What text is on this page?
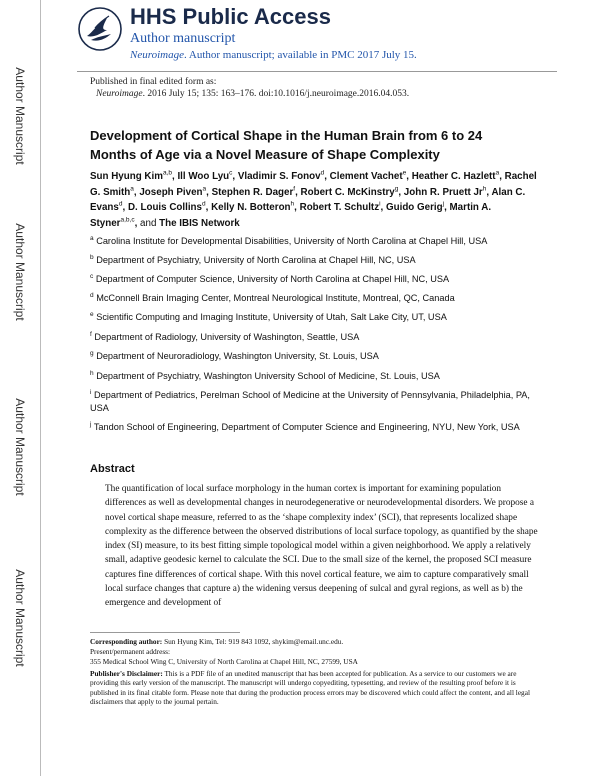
Author Manuscript
Author Manuscript
Author Manuscript
Author Manuscript
HHS Public Access
Author manuscript
Neuroimage. Author manuscript; available in PMC 2017 July 15.
Published in final edited form as:
Neuroimage. 2016 July 15; 135: 163–176. doi:10.1016/j.neuroimage.2016.04.053.
Development of Cortical Shape in the Human Brain from 6 to 24 Months of Age via a Novel Measure of Shape Complexity
Sun Hyung Kim$^{a,b}$, Ill Woo Lyu$^c$, Vladimir S. Fonov$^d$, Clement Vachet$^e$, Heather C. Hazlett$^a$, Rachel G. Smith$^a$, Joseph Piven$^a$, Stephen R. Dager$^f$, Robert C. McKinstry$^g$, John R. Pruett Jr$^h$, Alan C. Evans$^d$, D. Louis Collins$^d$, Kelly N. Botteron$^h$, Robert T. Schultz$^i$, Guido Gerig$^j$, Martin A. Styner$^{a,b,c}$, and The IBIS Network
$^a$ Carolina Institute for Developmental Disabilities, University of North Carolina at Chapel Hill, USA
$^b$ Department of Psychiatry, University of North Carolina at Chapel Hill, NC, USA
$^c$ Department of Computer Science, University of North Carolina at Chapel Hill, NC, USA
$^d$ McConnell Brain Imaging Center, Montreal Neurological Institute, Montreal, QC, Canada
$^e$ Scientific Computing and Imaging Institute, University of Utah, Salt Lake City, UT, USA
$^f$ Department of Radiology, University of Washington, Seattle, USA
$^g$ Department of Neuroradiology, Washington University, St. Louis, USA
$^h$ Department of Psychiatry, Washington University School of Medicine, St. Louis, USA
$^i$ Department of Pediatrics, Perelman School of Medicine at the University of Pennsylvania, Philadelphia, PA, USA
$^j$ Tandon School of Engineering, Department of Computer Science and Engineering, NYU, New York, USA
Abstract
The quantification of local surface morphology in the human cortex is important for examining population differences as well as developmental changes in neurodegenerative or neurodevelopmental disorders. We propose a novel cortical shape measure, referred to as the ‘shape complexity index’ (SCI), that represents localized shape complexity as the difference between the observed distributions of local surface topology, as quantified by the shape index (SI) measure, to its best fitting simple topological model within a given neighborhood. We apply a relatively small, adaptive geodesic kernel to calculate the SCI. Due to the small size of the kernel, the proposed SCI measure captures fine differences of cortical shape. With this novel cortical feature, we aim to capture comparatively small local surface changes that capture a) the widening versus deepening of sulcal and gyral regions, as well as b) the emergence and development of
Corresponding author: Sun Hyung Kim, Tel: 919 843 1092, shykim@email.unc.edu.
Present/permanent address:
355 Medical School Wing C, University of North Carolina at Chapel Hill, NC, 27599, USA
Publisher's Disclaimer: This is a PDF file of an unedited manuscript that has been accepted for publication. As a service to our customers we are providing this early version of the manuscript. The manuscript will undergo copyediting, typesetting, and review of the resulting proof before it is published in its final citable form. Please note that during the production process errors may be discovered which could affect the content, and all legal disclaimers that apply to the journal pertain.
